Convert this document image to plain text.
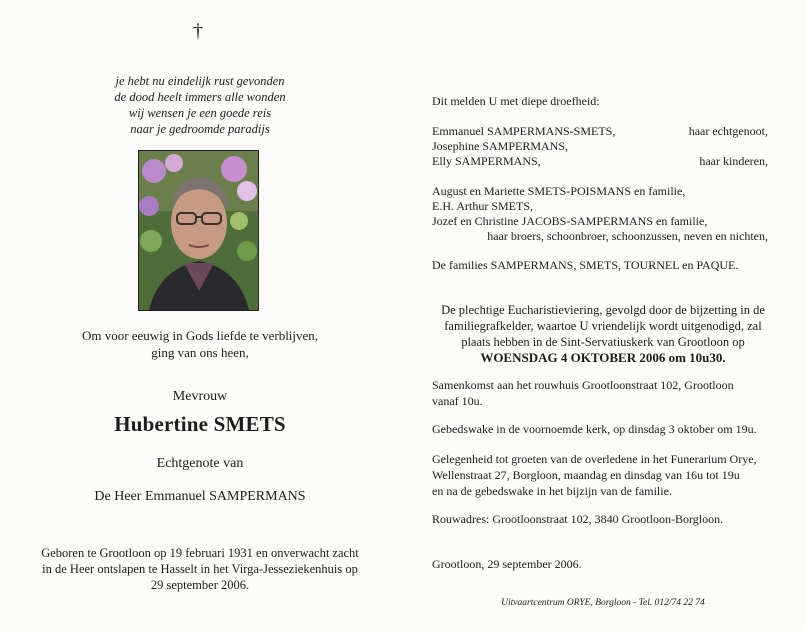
†
je hebt nu eindelijk rust gevonden
de dood heelt immers alle wonden
wij wensen je een goede reis
naar je gedroomde paradijs
Om voor eeuwig in Gods liefde te verblijven,
ging van ons heen,
Mevrouw
Hubertine SMETS
Echtgenote van
De Heer Emmanuel SAMPERMANS
Geboren te Grootloon op 19 februari 1931 en onverwacht zacht
in de Heer ontslapen te Hasselt in het Virga-Jesseziekenhuis op
29 september 2006.
Dit melden U met diepe droefheid:
Emmanuel SAMPERMANS-SMETS,	haar echtgenoot,
Josephine SAMPERMANS,
Elly SAMPERMANS,	haar kinderen,
August en Mariette SMETS-POISMANS en familie,
E.H. Arthur SMETS,
Jozef en Christine JACOBS-SAMPERMANS en familie,
haar broers, schoonbroer, schoonzussen, neven en nichten,
De families SAMPERMANS, SMETS, TOURNEL en PAQUE.
De plechtige Eucharistieviering, gevolgd door de bijzetting in de
familiegrafkelder, waartoe U vriendelijk wordt uitgenodigd, zal
plaats hebben in de Sint-Servatiuskerk van Grootloon op
WOENSDAG 4 OKTOBER 2006 om 10u30.
Samenkomst aan het rouwhuis Grootloonstraat 102, Grootloon
vanaf 10u.
Gebedswake in de voornoemde kerk, op dinsdag 3 oktober om 19u.
Gelegenheid tot groeten van de overledene in het Funerarium Orye,
Wellenstraat 27, Borgloon, maandag en dinsdag van 16u tot 19u
en na de gebedswake in het bijzijn van de familie.
Rouwadres: Grootloonstraat 102, 3840 Grootloon-Borgloon.
Grootloon, 29 september 2006.
Uitvaartcentrum ORYE, Borgloon - Tel. 012/74 22 74
